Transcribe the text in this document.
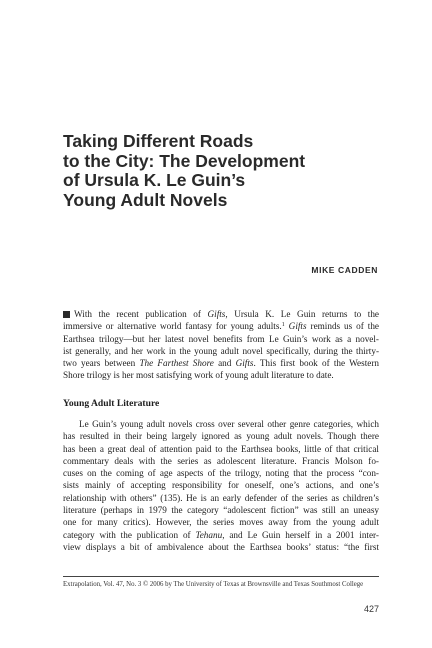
Taking Different Roads
to the City: The Development
of Ursula K. Le Guin’s
Young Adult Novels
MIKE CADDEN
With the recent publication of Gifts, Ursula K. Le Guin returns to the
immersive or alternative world fantasy for young adults.$^1$ Gifts reminds us of the
Earthsea trilogy—but her latest novel benefits from Le Guin’s work as a novel-
ist generally, and her work in the young adult novel specifically, during the thirty-
two years between The Farthest Shore and Gifts. This first book of the Western
Shore trilogy is her most satisfying work of young adult literature to date.
Young Adult Literature
Le Guin’s young adult novels cross over several other genre categories, which
has resulted in their being largely ignored as young adult novels. Though there
has been a great deal of attention paid to the Earthsea books, little of that critical
commentary deals with the series as adolescent literature. Francis Molson fo-
cuses on the coming of age aspects of the trilogy, noting that the process “con-
sists mainly of accepting responsibility for oneself, one’s actions, and one’s
relationship with others” (135). He is an early defender of the series as children’s
literature (perhaps in 1979 the category “adolescent fiction” was still an uneasy
one for many critics). However, the series moves away from the young adult
category with the publication of Tehanu, and Le Guin herself in a 2001 inter-
view displays a bit of ambivalence about the Earthsea books’ status: “the first
Extrapolation, Vol. 47, No. 3 © 2006 by The University of Texas at Brownsville and Texas Southmost College
427
